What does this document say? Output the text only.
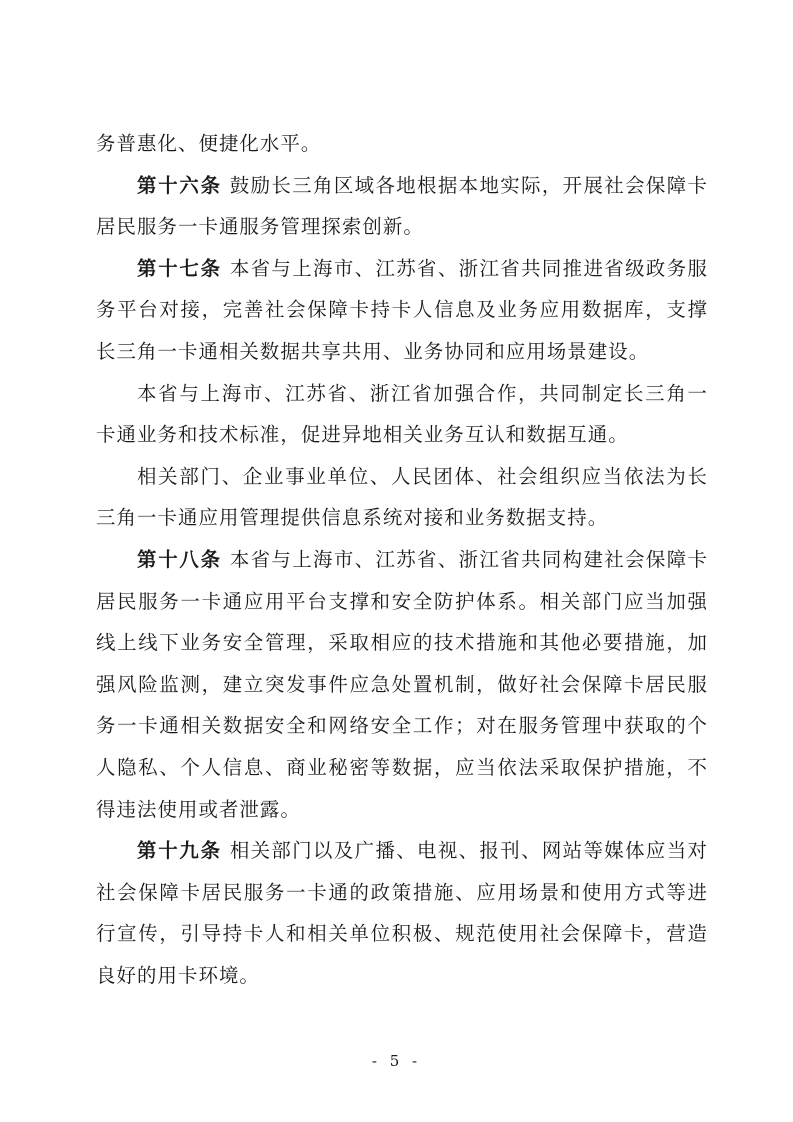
务普惠化、便捷化水平。

第十六条 鼓励长三角区域各地根据本地实际，开展社会保障卡居民服务一卡通服务管理探索创新。

第十七条 本省与上海市、江苏省、浙江省共同推进省级政务服务平台对接，完善社会保障卡持卡人信息及业务应用数据库，支撑长三角一卡通相关数据共享共用、业务协同和应用场景建设。

本省与上海市、江苏省、浙江省加强合作，共同制定长三角一卡通业务和技术标准，促进异地相关业务互认和数据互通。

相关部门、企业事业单位、人民团体、社会组织应当依法为长三角一卡通应用管理提供信息系统对接和业务数据支持。

第十八条 本省与上海市、江苏省、浙江省共同构建社会保障卡居民服务一卡通应用平台支撑和安全防护体系。相关部门应当加强线上线下业务安全管理，采取相应的技术措施和其他必要措施，加强风险监测，建立突发事件应急处置机制，做好社会保障卡居民服务一卡通相关数据安全和网络安全工作；对在服务管理中获取的个人隐私、个人信息、商业秘密等数据，应当依法采取保护措施，不得违法使用或者泄露。

第十九条 相关部门以及广播、电视、报刊、网站等媒体应当对社会保障卡居民服务一卡通的政策措施、应用场景和使用方式等进行宣传，引导持卡人和相关单位积极、规范使用社会保障卡，营造良好的用卡环境。

- 5 -
